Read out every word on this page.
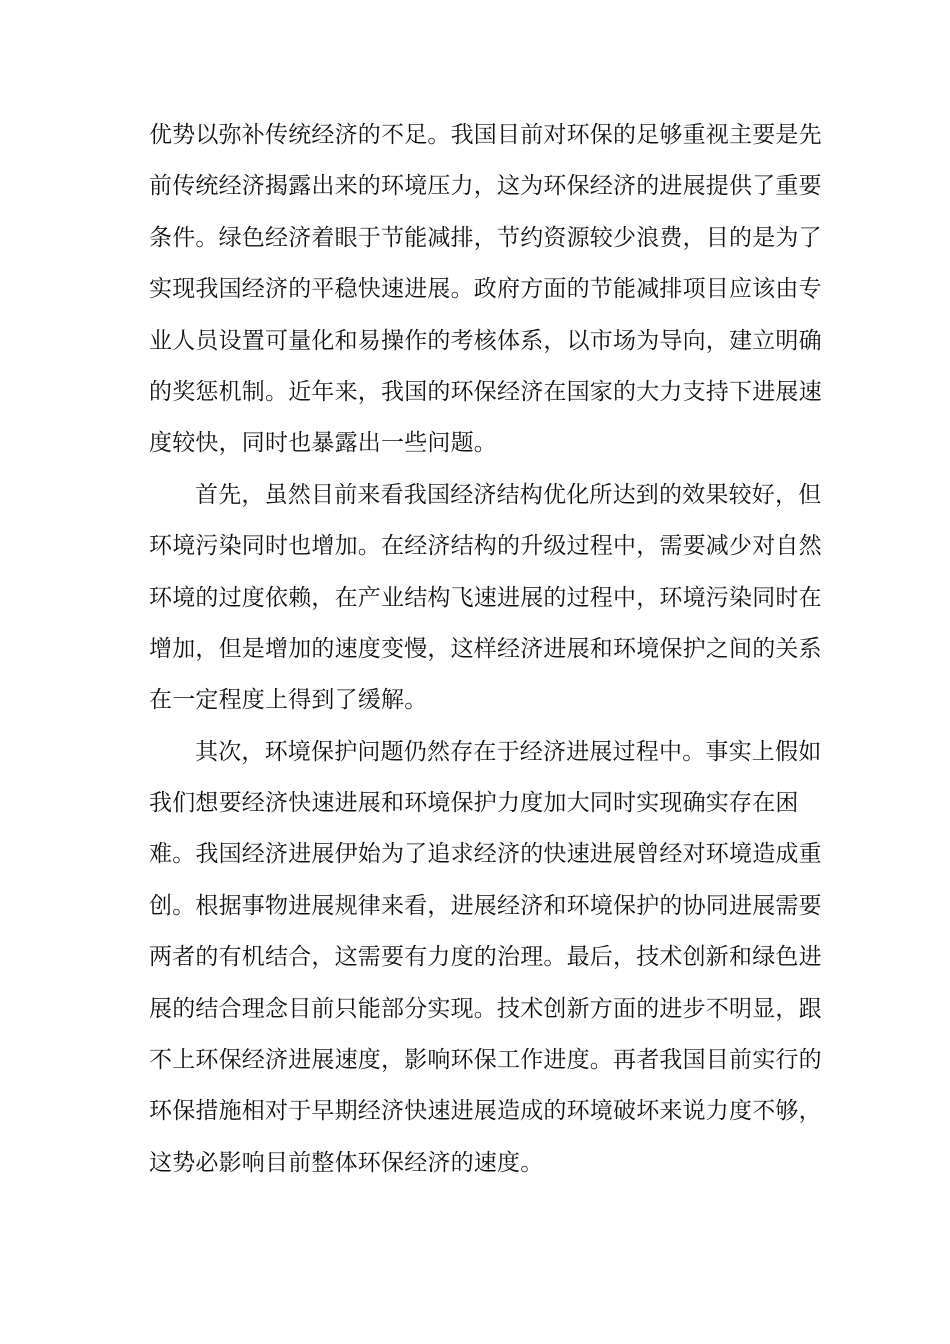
优势以弥补传统经济的不足。我国目前对环保的足够重视主要是先
前传统经济揭露出来的环境压力，这为环保经济的进展提供了重要
条件。绿色经济着眼于节能减排，节约资源较少浪费，目的是为了
实现我国经济的平稳快速进展。政府方面的节能减排项目应该由专
业人员设置可量化和易操作的考核体系，以市场为导向，建立明确
的奖惩机制。近年来，我国的环保经济在国家的大力支持下进展速
度较快，同时也暴露出一些问题。
首先，虽然目前来看我国经济结构优化所达到的效果较好，但
环境污染同时也增加。在经济结构的升级过程中，需要减少对自然
环境的过度依赖，在产业结构飞速进展的过程中，环境污染同时在
增加，但是增加的速度变慢，这样经济进展和环境保护之间的关系
在一定程度上得到了缓解。
其次，环境保护问题仍然存在于经济进展过程中。事实上假如
我们想要经济快速进展和环境保护力度加大同时实现确实存在困
难。我国经济进展伊始为了追求经济的快速进展曾经对环境造成重
创。根据事物进展规律来看，进展经济和环境保护的协同进展需要
两者的有机结合，这需要有力度的治理。最后，技术创新和绿色进
展的结合理念目前只能部分实现。技术创新方面的进步不明显，跟
不上环保经济进展速度，影响环保工作进度。再者我国目前实行的
环保措施相对于早期经济快速进展造成的环境破坏来说力度不够，
这势必影响目前整体环保经济的速度。
